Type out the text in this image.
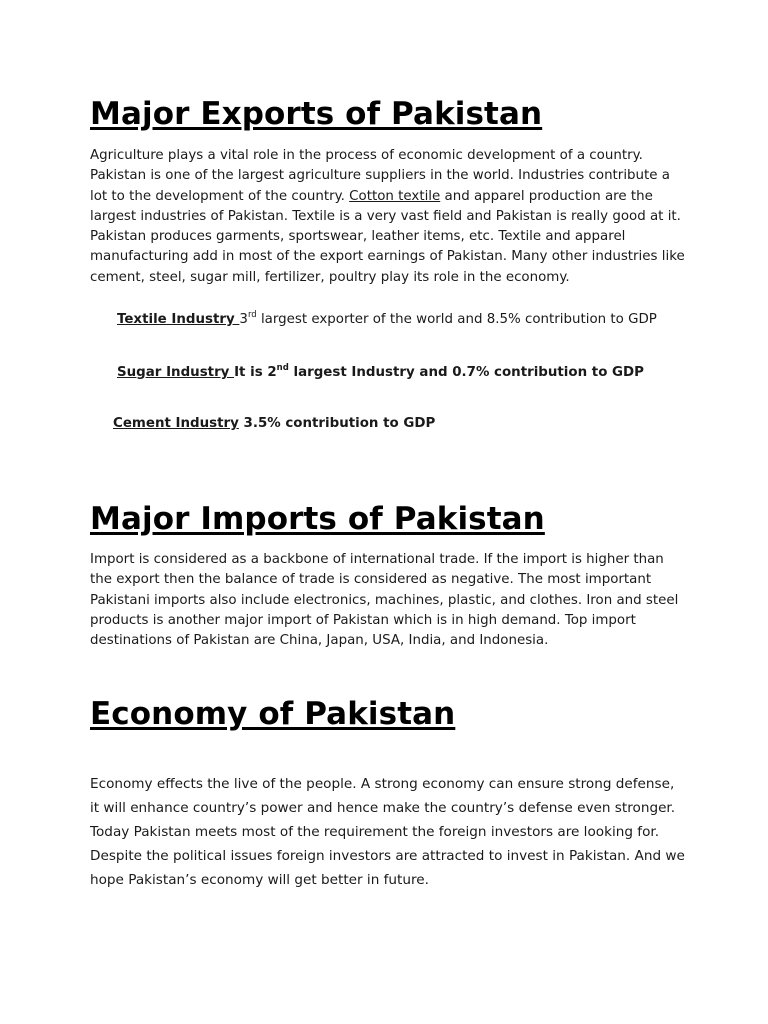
Major Exports of Pakistan

Agriculture plays a vital role in the process of economic development of a country. Pakistan is one of the largest agriculture suppliers in the world. Industries contribute a lot to the development of the country. Cotton textile and apparel production are the largest industries of Pakistan. Textile is a very vast field and Pakistan is really good at it. Pakistan produces garments, sportswear, leather items, etc. Textile and apparel manufacturing add in most of the export earnings of Pakistan. Many other industries like cement, steel, sugar mill, fertilizer, poultry play its role in the economy.

Textile Industry 3rd largest exporter of the world and 8.5% contribution to GDP

Sugar Industry It is 2nd largest Industry and 0.7% contribution to GDP

Cement Industry 3.5% contribution to GDP

Major Imports of Pakistan

Import is considered as a backbone of international trade. If the import is higher than the export then the balance of trade is considered as negative. The most important Pakistani imports also include electronics, machines, plastic, and clothes. Iron and steel products is another major import of Pakistan which is in high demand. Top import destinations of Pakistan are China, Japan, USA, India, and Indonesia.

Economy of Pakistan

Economy effects the live of the people. A strong economy can ensure strong defense, it will enhance country’s power and hence make the country’s defense even stronger. Today Pakistan meets most of the requirement the foreign investors are looking for. Despite the political issues foreign investors are attracted to invest in Pakistan. And we hope Pakistan’s economy will get better in future.
